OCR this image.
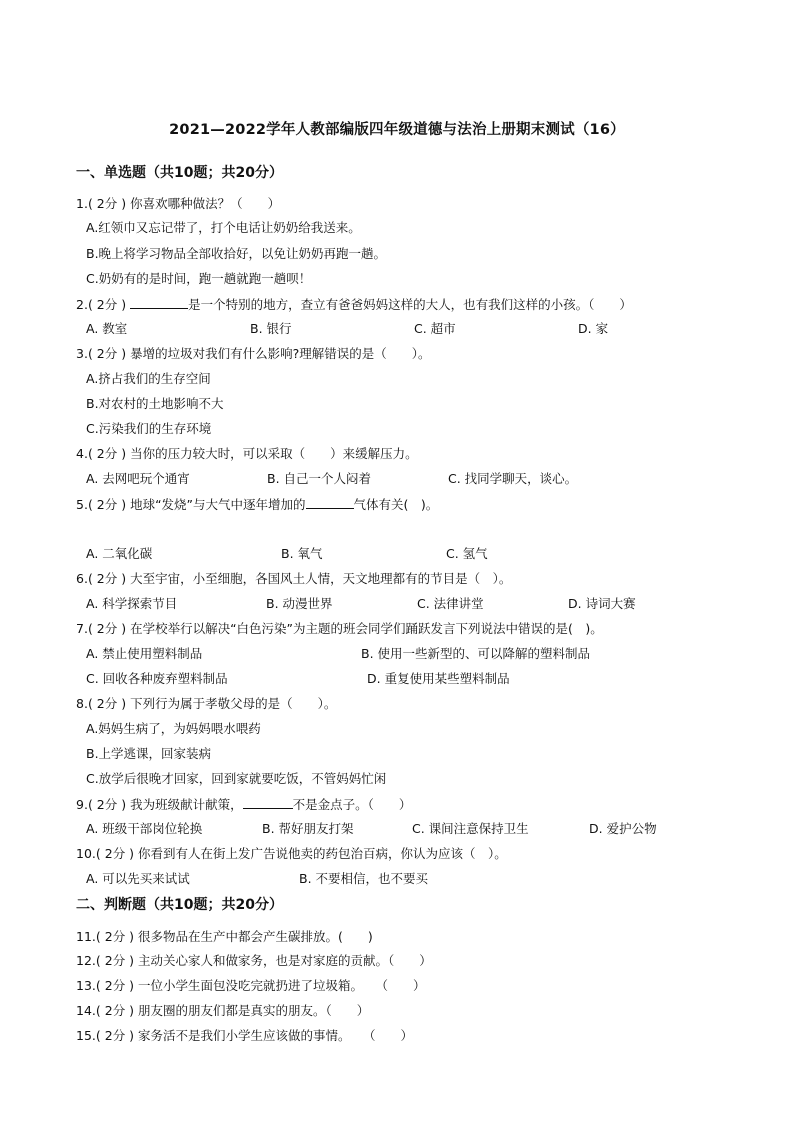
2021—2022学年人教部编版四年级道德与法治上册期末测试（16）
一、单选题（共10题；共20分）
1.( 2分 ) 你喜欢哪种做法？（　　）
A.红领巾又忘记带了，打个电话让奶奶给我送来。
B.晚上将学习物品全部收拾好，以免让奶奶再跑一趟。
C.奶奶有的是时间，跑一趟就跑一趟呗！
2.( 2分 )	是一个特别的地方，查立有爸爸妈妈这样的大人，也有我们这样的小孩。（　　）
A. 教室	B. 银行	C. 超市	D. 家
3.( 2分 ) 暴增的垃圾对我们有什么影响?理解错误的是（　　）。
A.挤占我们的生存空间
B.对农村的土地影响不大
C.污染我们的生存环境
4.( 2分 ) 当你的压力较大时，可以采取（　　）来缓解压力。
A. 去网吧玩个通宵	B. 自己一个人闷着	C. 找同学聊天，谈心。
5.( 2分 ) 地球“发烧”与大气中逐年增加的	气体有关(　)。
A. 二氧化碳	B. 氧气	C. 氢气
6.( 2分 ) 大至宇宙，小至细胞，各国风土人情，天文地理都有的节目是（　）。
A. 科学探索节目	B. 动漫世界	C. 法律讲堂	D. 诗词大赛
7.( 2分 ) 在学校举行以解决“白色污染”为主题的班会同学们踊跃发言下列说法中错误的是(　)。
A. 禁止使用塑料制品	B. 使用一些新型的、可以降解的塑料制品
C. 回收各种废弃塑料制品	D. 重复使用某些塑料制品
8.( 2分 ) 下列行为属于孝敬父母的是（　　）。
A.妈妈生病了，为妈妈喂水喂药
B.上学逃课，回家装病
C.放学后很晚才回家，回到家就要吃饭，不管妈妈忙闲
9.( 2分 ) 我为班级献计献策，	不是金点子。（　　）
A. 班级干部岗位轮换	B. 帮好朋友打架	C. 课间注意保持卫生	D. 爱护公物
10.( 2分 ) 你看到有人在街上发广告说他卖的药包治百病，你认为应该（　）。
A. 可以先买来试试	B. 不要相信，也不要买
二、判断题（共10题；共20分）
11.( 2分 ) 很多物品在生产中都会产生碳排放。(　　)
12.( 2分 ) 主动关心家人和做家务，也是对家庭的贡献。（　　）
13.( 2分 ) 一位小学生面包没吃完就扔进了垃圾箱。　　（　　）
14.( 2分 ) 朋友圈的朋友们都是真实的朋友。（　　）
15.( 2分 ) 家务活不是我们小学生应该做的事情。　　（　　）
